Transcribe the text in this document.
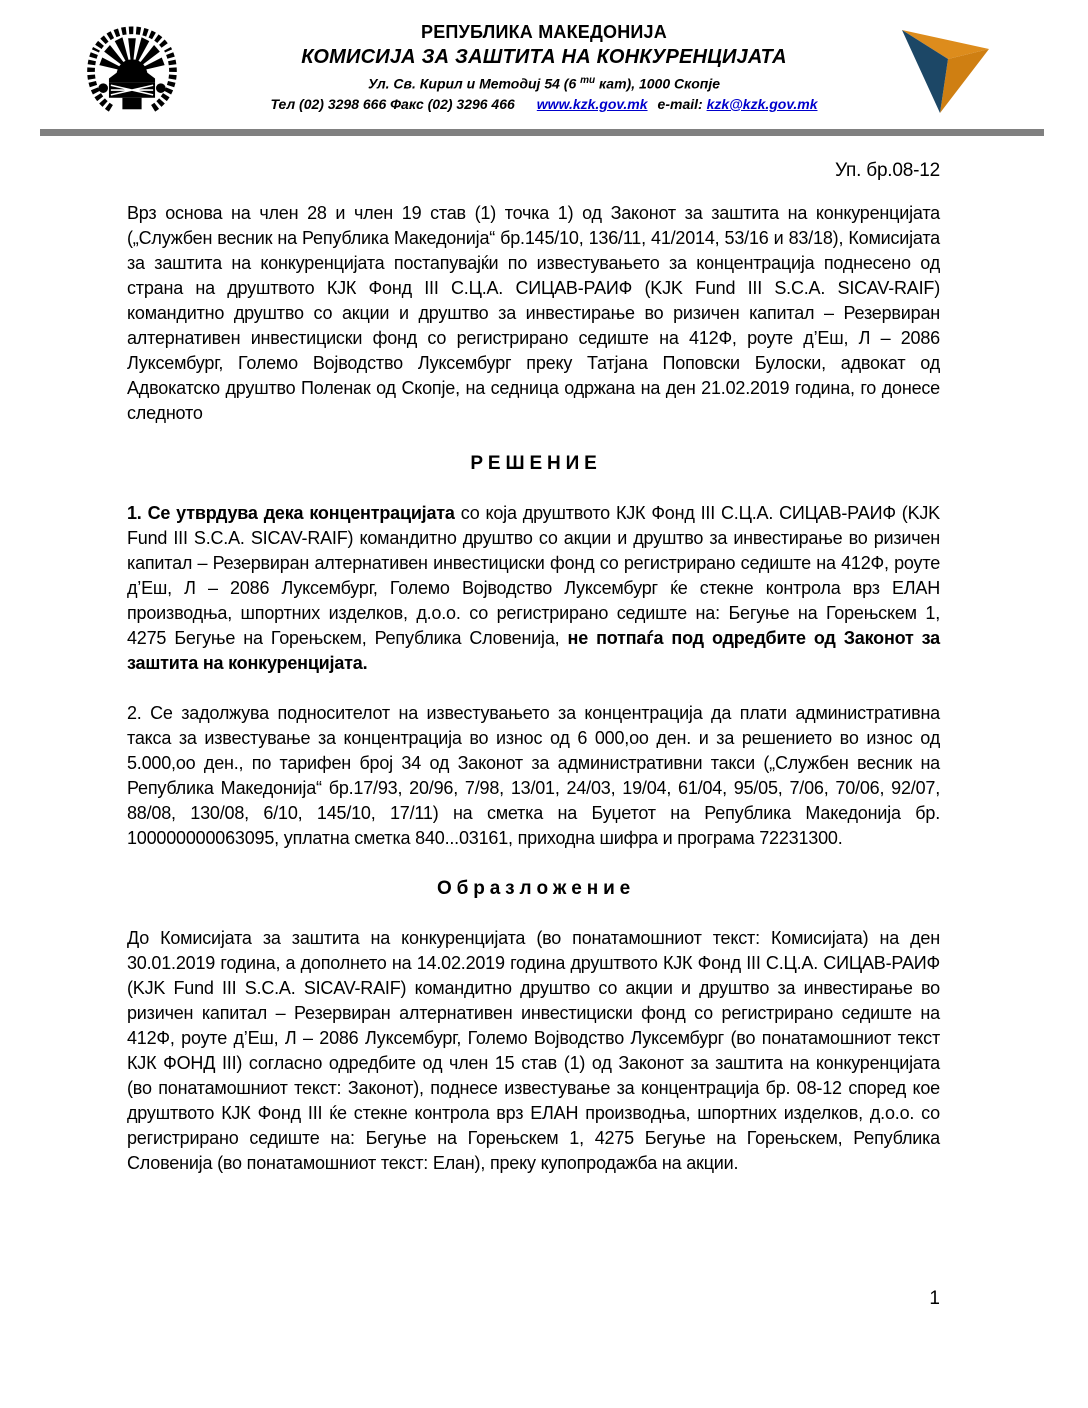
РЕПУБЛИКА МАКЕДОНИЈА
КОМИСИЈА ЗА ЗАШТИТА НА КОНКУРЕНЦИЈАТА
Ул. Св. Кирил и Методиј 54 (6 $^{ти}$ кат), 1000 Скопје
Тел (02) 3298 666 Факс (02) 3296 466 www.kzk.gov.mk e-mail: kzk@kzk.gov.mk
Уп. бр.08-12

Врз основа на член 28 и член 19 став (1) точка 1) од Законот за заштита на конкуренцијата („Службен весник на Република Македонија“ бр.145/10, 136/11, 41/2014, 53/16 и 83/18), Комисијата за заштита на конкуренцијата постапувајќи по известувањето за концентрација поднесено од страна на друштвото КЈК Фонд III С.Ц.А. СИЦАВ-РАИФ (KJK Fund III S.C.A. SICAV-RAIF) командитно друштво со акции и друштво за инвестирање во ризичен капитал – Резервиран алтернативен инвестициски фонд со регистрирано седиште на 412Ф, роуте д’Еш, Л – 2086 Луксембург, Големо Војводство Луксембург преку Татјана Поповски Булоски, адвокат од Адвокатско друштво Поленак од Скопје, на седница одржана на ден 21.02.2019 година, го донесе следното

Р Е Ш Е Н И Е

1. Се утврдува дека концентрацијата со која друштвото КЈК Фонд III С.Ц.А. СИЦАВ-РАИФ (KJK Fund III S.C.A. SICAV-RAIF) командитно друштво со акции и друштво за инвестирање во ризичен капитал – Резервиран алтернативен инвестициски фонд со регистрирано седиште на 412Ф, роуте д’Еш, Л – 2086 Луксембург, Големо Војводство Луксембург ќе стекне контрола врз ЕЛАН производња, шпортних изделков, д.о.о. со регистрирано седиште на: Бегуње на Горењскем 1, 4275 Бегуње на Горењскем, Република Словенија, не потпаѓа под одредбите од Законот за заштита на конкуренцијата.

2. Се задолжува подносителот на известувањето за концентрација да плати административна такса за известување за концентрација во износ од 6 000,оо ден. и за решението во износ од 5.000,оо ден., по тарифен број 34 од Законот за административни такси („Службен весник на Република Македонија“ бр.17/93, 20/96, 7/98, 13/01, 24/03, 19/04, 61/04, 95/05, 7/06, 70/06, 92/07, 88/08, 130/08, 6/10, 145/10, 17/11) на сметка на Буџетот на Република Македонија бр. 100000000063095, уплатна сметка 840...03161, приходна шифра и програма 72231300.

О б р а з л о ж е н и е

До Комисијата за заштита на конкуренцијата (во понатамошниот текст: Комисијата) на ден 30.01.2019 година, а дополнето на 14.02.2019 година друштвото КЈК Фонд III С.Ц.А. СИЦАВ-РАИФ (KJK Fund III S.C.A. SICAV-RAIF) командитно друштво со акции и друштво за инвестирање во ризичен капитал – Резервиран алтернативен инвестициски фонд со регистрирано седиште на 412Ф, роуте д’Еш, Л – 2086 Луксембург, Големо Војводство Луксембург (во понатамошниот текст КЈК ФОНД III) согласно одредбите од член 15 став (1) од Законот за заштита на конкуренцијата (во понатамошниот текст: Законот), поднесе известување за концентрација бр. 08-12 според кое друштвото КЈК Фонд III ќе стекне контрола врз ЕЛАН производња, шпортних изделков, д.о.о. со регистрирано седиште на: Бегуње на Горењскем 1, 4275 Бегуње на Горењскем, Република Словенија (во понатамошниот текст: Елан), преку купопродажба на акции.

1
